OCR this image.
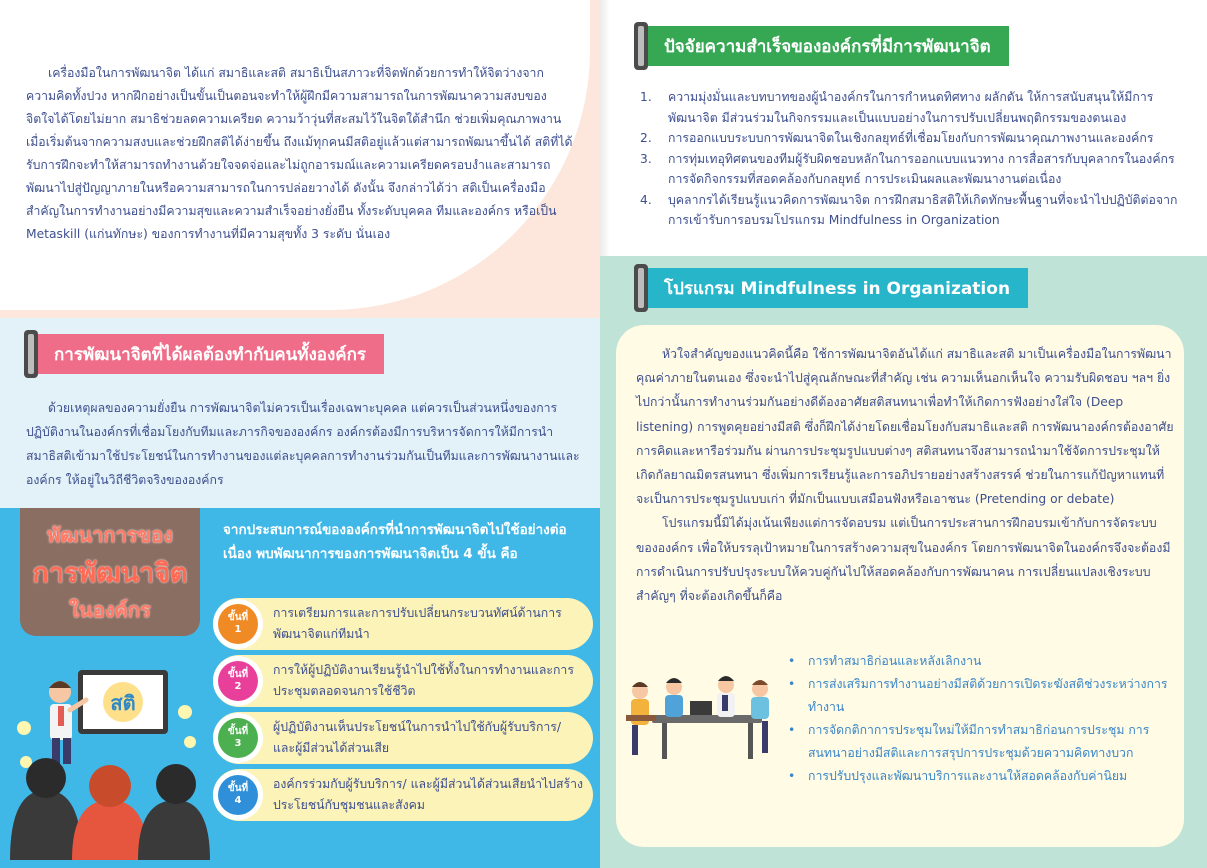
เครื่องมือในการพัฒนาจิต ได้แก่ สมาธิและสติ สมาธิเป็นสภาวะที่จิตพักด้วยการทำให้จิตว่างจากความคิดทั้งปวง หากฝึกอย่างเป็นขั้นเป็นตอนจะทำให้ผู้ฝึกมีความสามารถในการพัฒนาความสงบของจิตใจได้โดยไม่ยาก สมาธิช่วยลดความเครียด ความว้าวุ่นที่สะสมไว้ในจิตใต้สำนึก ช่วยเพิ่มคุณภาพงานเมื่อเริ่มต้นจากความสงบและช่วยฝึกสติได้ง่ายขึ้น ถึงแม้ทุกคนมีสติอยู่แล้วแต่สามารถพัฒนาขึ้นได้ สติที่ได้รับการฝึกจะทำให้สามารถทำงานด้วยใจจดจ่อและไม่ถูกอารมณ์และความเครียดครอบงำและสามารถพัฒนาไปสู่ปัญญาภายในหรือความสามารถในการปล่อยวางได้ ดังนั้น จึงกล่าวได้ว่า สติเป็นเครื่องมือสำคัญในการทำงานอย่างมีความสุขและความสำเร็จอย่างยั่งยืน ทั้งระดับบุคคล ทีมและองค์กร หรือเป็น Metaskill (แก่นทักษะ) ของการทำงานที่มีความสุขทั้ง 3 ระดับ นั่นเอง

การพัฒนาจิตที่ได้ผลต้องทำกับคนทั้งองค์กร

ด้วยเหตุผลของความยั่งยืน การพัฒนาจิตไม่ควรเป็นเรื่องเฉพาะบุคคล แต่ควรเป็นส่วนหนึ่งของการปฏิบัติงานในองค์กรที่เชื่อมโยงกับทีมและภารกิจขององค์กร องค์กรต้องมีการบริหารจัดการให้มีการนำสมาธิสติเข้ามาใช้ประโยชน์ในการทำงานของแต่ละบุคคลการทำงานร่วมกันเป็นทีมและการพัฒนางานและองค์กร ให้อยู่ในวิถีชีวิตจริงขององค์กร

พัฒนาการของ
การพัฒนาจิต
ในองค์กร

จากประสบการณ์ขององค์กรที่นำการพัฒนาจิตไปใช้อย่างต่อเนื่อง พบพัฒนาการของการพัฒนาจิตเป็น 4 ขั้น คือ

สติ
ขั้นที่
1
การเตรียมการและการปรับเปลี่ยนกระบวนทัศน์ด้านการพัฒนาจิตแก่ทีมนำ
ขั้นที่
2
การให้ผู้ปฏิบัติงานเรียนรู้นำไปใช้ทั้งในการทำงานและการประชุมตลอดจนการใช้ชีวิต
ขั้นที่
3
ผู้ปฏิบัติงานเห็นประโยชน์ในการนำไปใช้กับผู้รับบริการ/ และผู้มีส่วนได้ส่วนเสีย
ขั้นที่
4
องค์กรร่วมกับผู้รับบริการ/ และผู้มีส่วนได้ส่วนเสียนำไปสร้างประโยชน์กับชุมชนและสังคม
ปัจจัยความสำเร็จขององค์กรที่มีการพัฒนาจิต
1.	ความมุ่งมั่นและบทบาทของผู้นำองค์กรในการกำหนดทิศทาง ผลักดัน ให้การสนับสนุนให้มีการพัฒนาจิต มีส่วนร่วมในกิจกรรมและเป็นแบบอย่างในการปรับเปลี่ยนพฤติกรรมของตนเอง
2.	การออกแบบระบบการพัฒนาจิตในเชิงกลยุทธ์ที่เชื่อมโยงกับการพัฒนาคุณภาพงานและองค์กร
3.	การทุ่มเทอุทิศตนของทีมผู้รับผิดชอบหลักในการออกแบบแนวทาง การสื่อสารกับบุคลากรในองค์กร การจัดกิจกรรมที่สอดคล้องกับกลยุทธ์ การประเมินผลและพัฒนางานต่อเนื่อง
4.	บุคลากรได้เรียนรู้แนวคิดการพัฒนาจิต การฝึกสมาธิสติให้เกิดทักษะพื้นฐานที่จะนำไปปฏิบัติต่อจากการเข้ารับการอบรมโปรแกรม Mindfulness in Organization
โปรแกรม Mindfulness in Organization

หัวใจสำคัญของแนวคิดนี้คือ ใช้การพัฒนาจิตอันได้แก่ สมาธิและสติ มาเป็นเครื่องมือในการพัฒนาคุณค่าภายในตนเอง ซึ่งจะนำไปสู่คุณลักษณะที่สำคัญ เช่น ความเห็นอกเห็นใจ ความรับผิดชอบ ฯลฯ ยิ่งไปกว่านั้นการทำงานร่วมกันอย่างดีต้องอาศัยสติสนทนาเพื่อทำให้เกิดการฟังอย่างใส่ใจ (Deep listening) การพูดคุยอย่างมีสติ ซึ่งก็ฝึกได้ง่ายโดยเชื่อมโยงกับสมาธิและสติ การพัฒนาองค์กรต้องอาศัยการคิดและหารือร่วมกัน ผ่านการประชุมรูปแบบต่างๆ สติสนทนาจึงสามารถนำมาใช้จัดการประชุมให้เกิดกัลยาณมิตรสนทนา ซึ่งเพิ่มการเรียนรู้และการอภิปรายอย่างสร้างสรรค์ ช่วยในการแก้ปัญหาแทนที่จะเป็นการประชุมรูปแบบเก่า ที่มักเป็นแบบเสมือนฟังหรือเอาชนะ (Pretending or debate)

โปรแกรมนี้มิได้มุ่งเน้นเพียงแต่การจัดอบรม แต่เป็นการประสานการฝึกอบรมเข้ากับการจัดระบบขององค์กร เพื่อให้บรรลุเป้าหมายในการสร้างความสุขในองค์กร โดยการพัฒนาจิตในองค์กรจึงจะต้องมีการดำเนินการปรับปรุงระบบให้ควบคู่กันไปให้สอดคล้องกับการพัฒนาคน การเปลี่ยนแปลงเชิงระบบสำคัญๆ ที่จะต้องเกิดขึ้นก็คือ

• การทำสมาธิก่อนและหลังเลิกงาน
• การส่งเสริมการทำงานอย่างมีสติด้วยการเปิดระฆังสติช่วงระหว่างการทำงาน
• การจัดกติกาการประชุมใหม่ให้มีการทำสมาธิก่อนการประชุม การสนทนาอย่างมีสติและการสรุปการประชุมด้วยความคิดทางบวก
• การปรับปรุงและพัฒนาบริการและงานให้สอดคล้องกับค่านิยม
